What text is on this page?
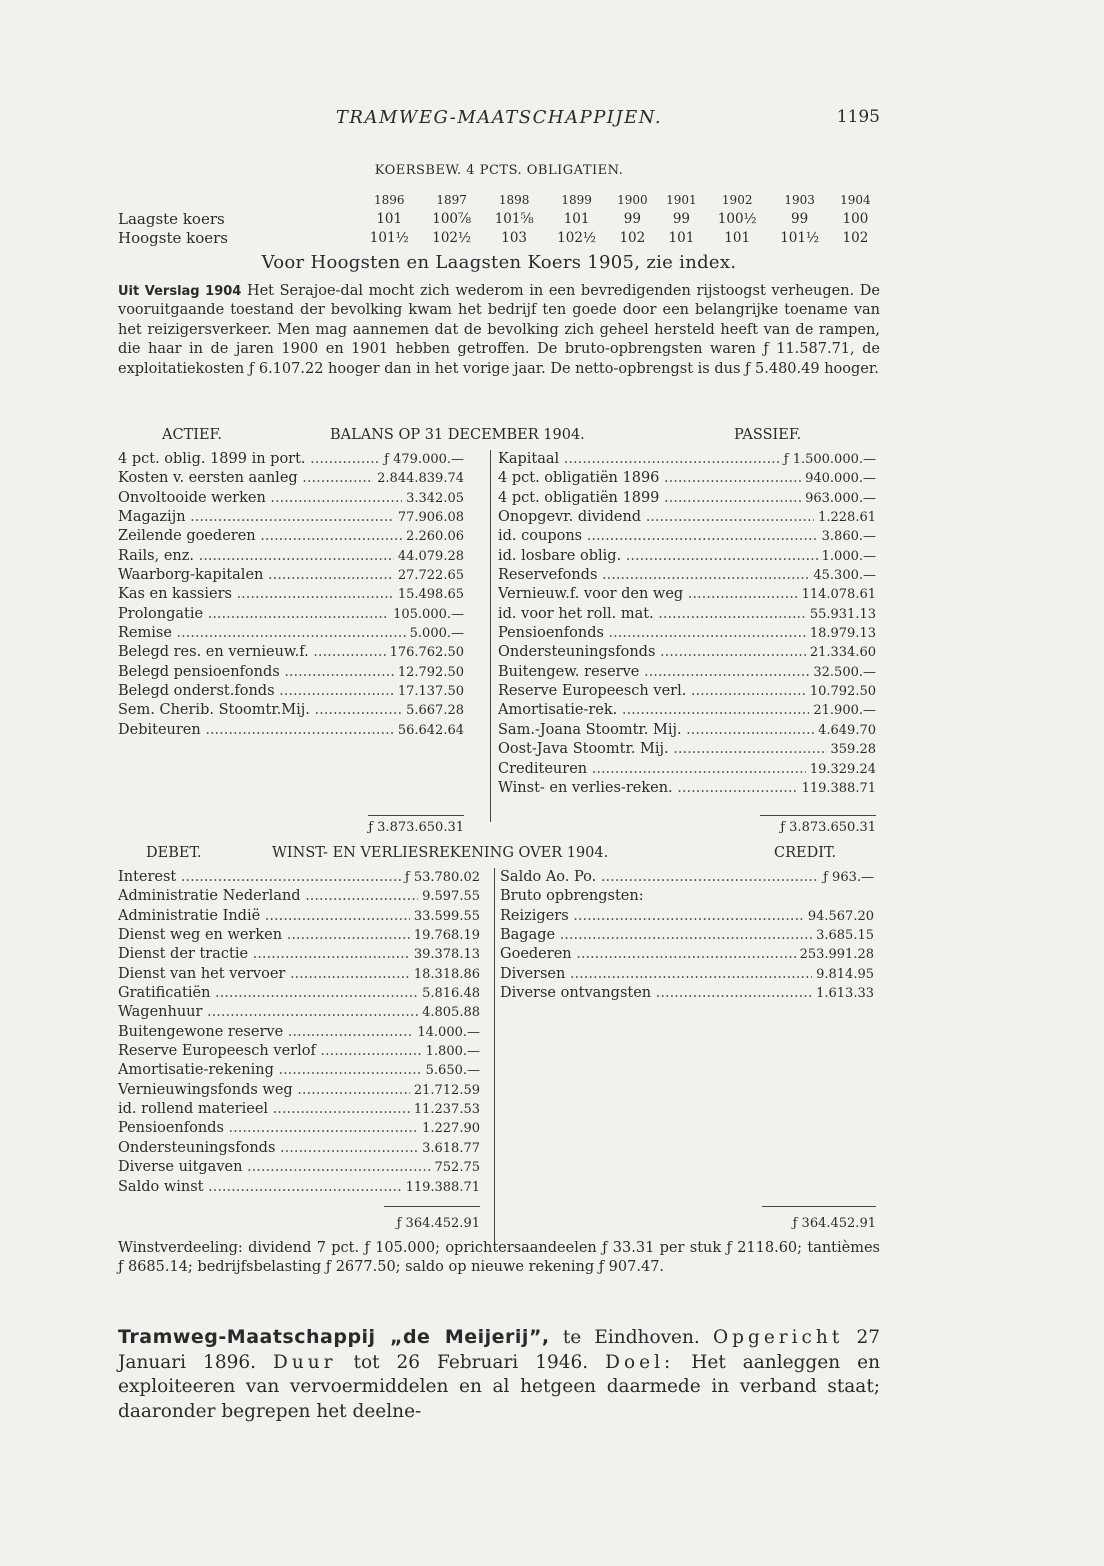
TRAMWEG-MAATSCHAPPIJEN.	1195
KOERSBEW. 4 PCTS. OBLIGATIEN.
	1896	1897	1898	1899	1900	1901	1902	1903	1904
Laagste koers	101	100⅞	101⅝	101	99	99	100½	99	100
Hoogste koers	101½	102½	103	102½	102	101	101	101½	102
Voor Hoogsten en Laagsten Koers 1905, zie index.
Uit Verslag 1904 Het Serajoe-dal mocht zich wederom in een bevredigenden rijstoogst verheugen. De vooruitgaande toestand der bevolking kwam het bedrijf ten goede door een belangrijke toename van het reizigersverkeer. Men mag aannemen dat de bevolking zich geheel hersteld heeft van de rampen, die haar in de jaren 1900 en 1901 hebben getroffen. De bruto-opbrengsten waren ƒ 11.587.71, de exploitatiekosten ƒ 6.107.22 hooger dan in het vorige jaar. De netto-opbrengst is dus ƒ 5.480.49 hooger.
ACTIEF.	BALANS OP 31 DECEMBER 1904.	PASSIEF.
4 pct. oblig. 1899 in port. .....	ƒ 479.000.—
Kosten v. eersten aanleg .....	2.844.839.74
Onvoltooide werken .....	3.342.05
Magazijn .....	77.906.08
Zeilende goederen .....	2.260.06
Rails, enz. .....	44.079.28
Waarborg-kapitalen .....	27.722.65
Kas en kassiers .....	15.498.65
Prolongatie .....	105.000.—
Remise .....	5.000.—
Belegd res. en vernieuw.f. .....	176.762.50
Belegd pensioenfonds .....	12.792.50
Belegd onderst.fonds .....	17.137.50
Sem. Cherib. Stoomtr.Mij. .....	5.667.28
Debiteuren .....	56.642.64
Kapitaal .....	ƒ 1.500.000.—
4 pct. obligatiën 1896 .....	940.000.—
4 pct. obligatiën 1899 .....	963.000.—
Onopgevr. dividend .....	1.228.61
id. coupons .....	3.860.—
id. losbare oblig. .....	1.000.—
Reservefonds .....	45.300.—
Vernieuw.f. voor den weg .....	114.078.61
id. voor het roll. mat. .....	55.931.13
Pensioenfonds .....	18.979.13
Ondersteuningsfonds .....	21.334.60
Buitengew. reserve .....	32.500.—
Reserve Europeesch verl. .....	10.792.50
Amortisatie-rek. .....	21.900.—
Sam.-Joana Stoomtr. Mij. .....	4.649.70
Oost-Java Stoomtr. Mij. .....	359.28
Crediteuren .....	19.329.24
Winst- en verlies-reken. .....	119.388.71
ƒ 3.873.650.31	ƒ 3.873.650.31
DEBET.	WINST- EN VERLIESREKENING OVER 1904.	CREDIT.
Interest .....	ƒ 53.780.02
Administratie Nederland .....	9.597.55
Administratie Indië .....	33.599.55
Dienst weg en werken .....	19.768.19
Dienst der tractie .....	39.378.13
Dienst van het vervoer .....	18.318.86
Gratificatiën .....	5.816.48
Wagenhuur .....	4.805.88
Buitengewone reserve .....	14.000.—
Reserve Europeesch verlof .....	1.800.—
Amortisatie-rekening .....	5.650.—
Vernieuwingsfonds weg .....	21.712.59
id. rollend materieel .....	11.237.53
Pensioenfonds .....	1.227.90
Ondersteuningsfonds .....	3.618.77
Diverse uitgaven .....	752.75
Saldo winst .....	119.388.71
Saldo Ao. Po. .....	ƒ 963.—
Bruto opbrengsten:
Reizigers .....	94.567.20
Bagage .....	3.685.15
Goederen .....	253.991.28
Diversen .....	9.814.95
Diverse ontvangsten .....	1.613.33
ƒ 364.452.91	ƒ 364.452.91
Winstverdeeling: dividend 7 pct. ƒ 105.000; oprichtersaandeelen ƒ 33.31 per stuk ƒ 2118.60; tantièmes ƒ 8685.14; bedrijfsbelasting ƒ 2677.50; saldo op nieuwe rekening ƒ 907.47.
Tramweg-Maatschappij „de Meijerij”, te Eindhoven. Opgericht 27 Januari 1896. Duur tot 26 Februari 1946. Doel: Het aanleggen en exploiteeren van vervoermiddelen en al hetgeen daarmede in verband staat; daaronder begrepen het deelne-
